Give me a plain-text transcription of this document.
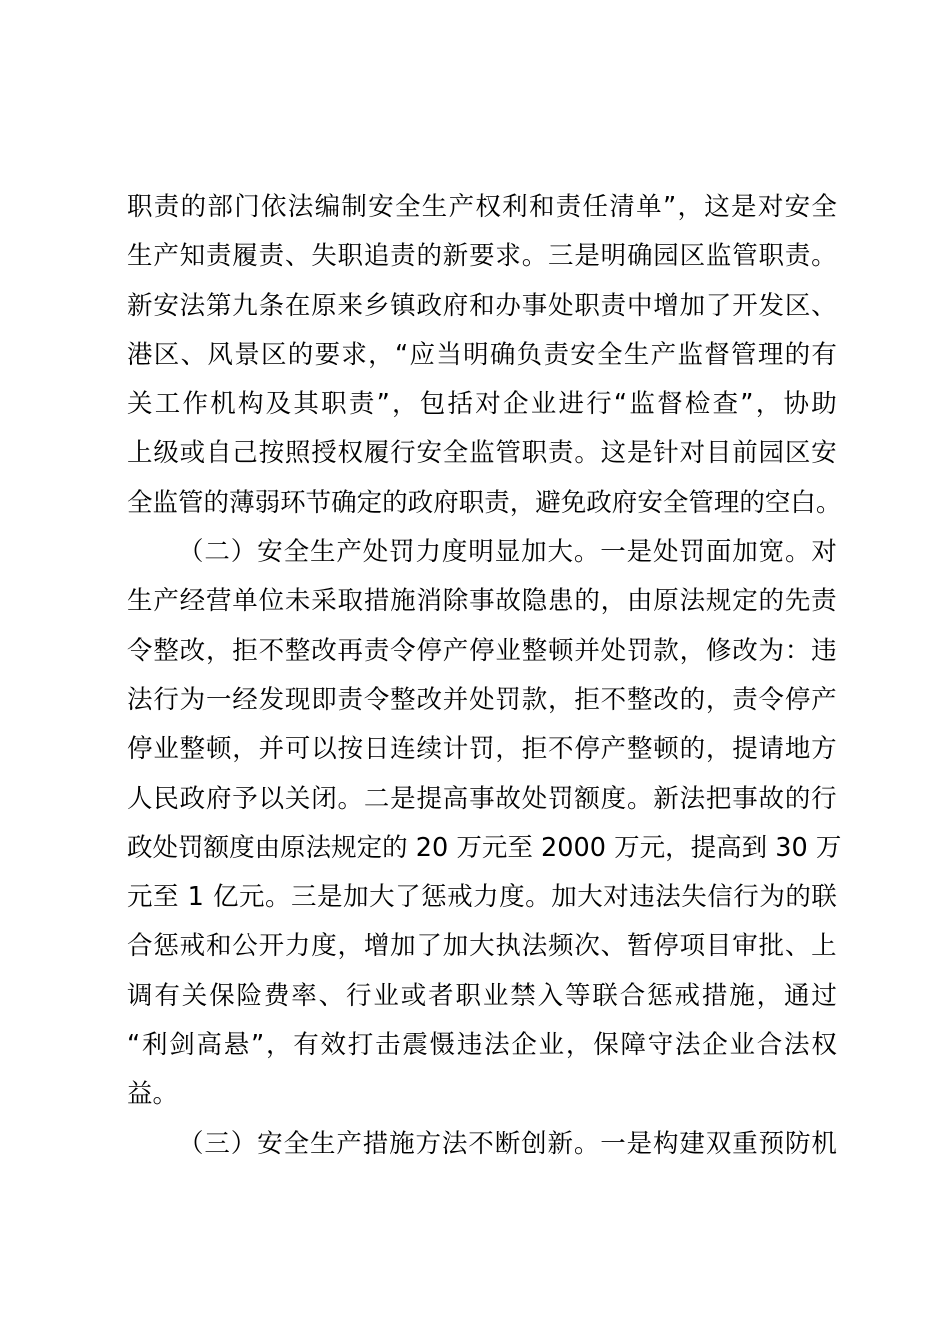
职 责 的 部 门 依 法 编 制 安 全 生 产 权 利 和 责 任 清 单 ” ， 这 是 对 安 全
生 产 知 责 履 责 、 失 职 追 责 的 新 要 求 。 三 是 明 确 园 区 监 管 职 责 。
新 安 法 第 九 条 在 原 来 乡 镇 政 府 和 办 事 处 职 责 中 增 加 了 开 发 区 、
港 区 、 风 景 区 的 要 求 ， “ 应 当 明 确 负 责 安 全 生 产 监 督 管 理 的 有
关 工 作 机 构 及 其 职 责 ” ， 包 括 对 企 业 进 行 “ 监 督 检 查 ” ， 协 助
上 级 或 自 己 按 照 授 权 履 行 安 全 监 管 职 责 。 这 是 针 对 目 前 园 区 安
全 监 管 的 薄 弱 环 节 确 定 的 政 府 职 责 ， 避 免 政 府 安 全 管 理 的 空 白 。
（ 二 ） 安 全 生 产 处 罚 力 度 明 显 加 大 。 一 是 处 罚 面 加 宽 。 对
生 产 经 营 单 位 未 采 取 措 施 消 除 事 故 隐 患 的 ， 由 原 法 规 定 的 先 责
令 整 改 ， 拒 不 整 改 再 责 令 停 产 停 业 整 顿 并 处 罚 款 ， 修 改 为 ： 违
法 行 为 一 经 发 现 即 责 令 整 改 并 处 罚 款 ， 拒 不 整 改 的 ， 责 令 停 产
停 业 整 顿 ， 并 可 以 按 日 连 续 计 罚 ， 拒 不 停 产 整 顿 的 ， 提 请 地 方
人 民 政 府 予 以 关 闭 。 二 是 提 高 事 故 处 罚 额 度 。 新 法 把 事 故 的 行
政 处 罚 额 度 由 原 法 规 定 的
2 0
万 元 至
2 0 0 0
万 元 ， 提 高 到
3 0
万
元 至
1
亿 元 。 三 是 加 大 了 惩 戒 力 度 。 加 大 对 违 法 失 信 行 为 的 联
合 惩 戒 和 公 开 力 度 ， 增 加 了 加 大 执 法 频 次 、 暂 停 项 目 审 批 、 上
调 有 关 保 险 费 率 、 行 业 或 者 职 业 禁 入 等 联 合 惩 戒 措 施 ， 通 过
“ 利 剑 高 悬 ” ， 有 效 打 击 震 慑 违 法 企 业 ， 保 障 守 法 企 业 合 法 权
益。
（ 三 ） 安 全 生 产 措 施 方 法 不 断 创 新 。 一 是 构 建 双 重 预 防 机
